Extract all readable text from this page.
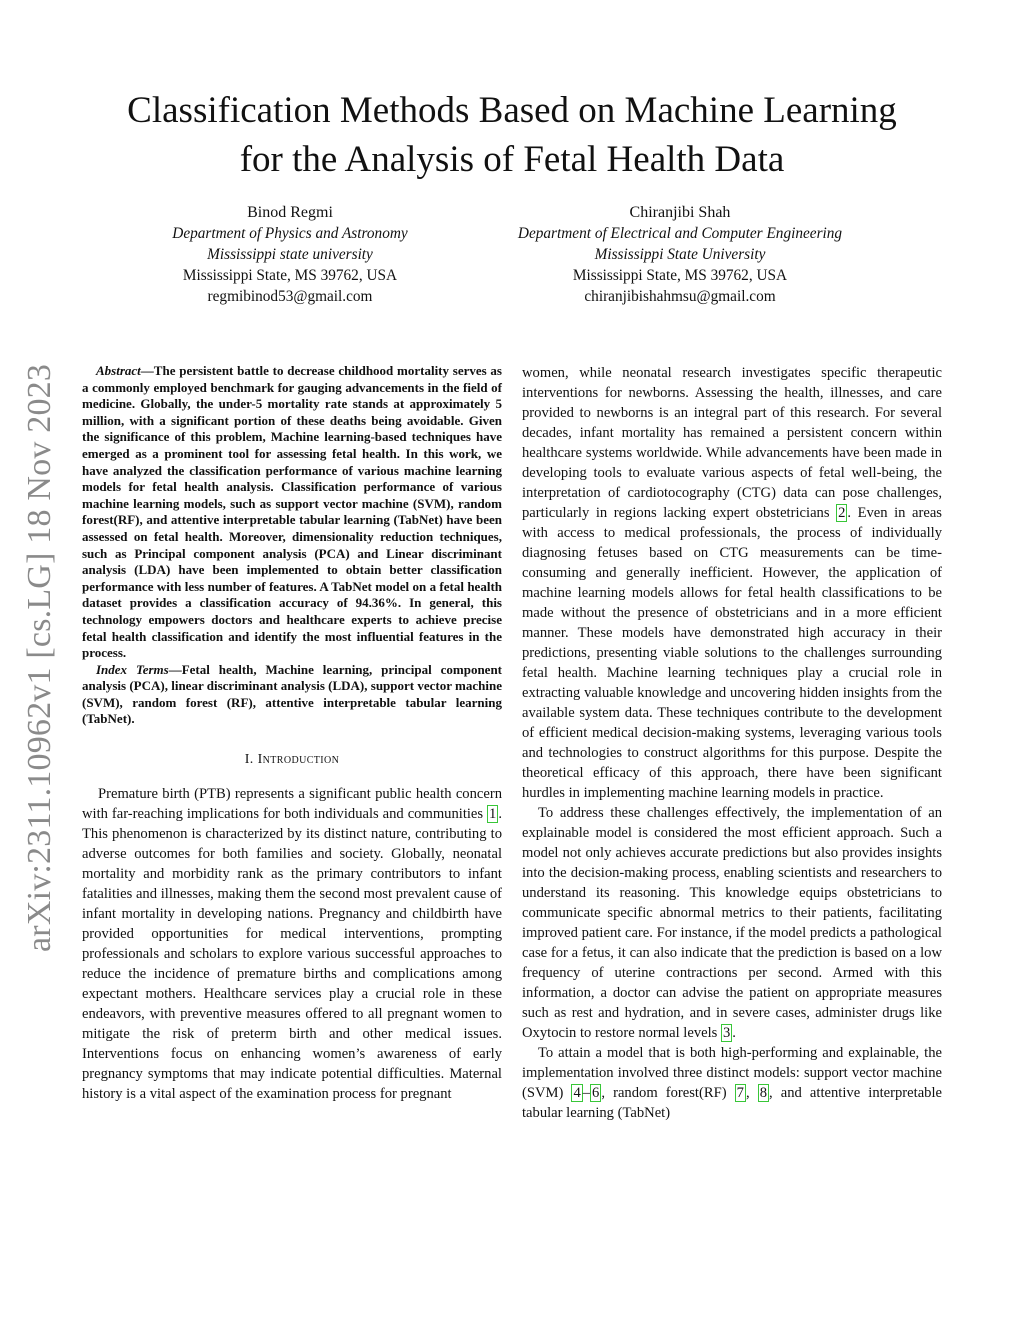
Classification Methods Based on Machine Learning
for the Analysis of Fetal Health Data
Binod Regmi
Department of Physics and Astronomy
Mississippi state university
Mississippi State, MS 39762, USA
regmibinod53@gmail.com
Chiranjibi Shah
Department of Electrical and Computer Engineering
Mississippi State University
Mississippi State, MS 39762, USA
chiranjibishahmsu@gmail.com
arXiv:2311.10962v1 [cs.LG] 18 Nov 2023	Abstract—The persistent battle to decrease childhood mortality serves as a commonly employed benchmark for gauging advancements in the field of medicine. Globally, the under-5 mortality rate stands at approximately 5 million, with a significant portion of these deaths being avoidable. Given the significance of this problem, Machine learning-based techniques have emerged as a prominent tool for assessing fetal health. In this work, we have analyzed the classification performance of various machine learning models for fetal health analysis. Classification performance of various machine learning models, such as support vector machine (SVM), random forest(RF), and attentive interpretable tabular learning (TabNet) have been assessed on fetal health. Moreover, dimensionality reduction techniques, such as Principal component analysis (PCA) and Linear discriminant analysis (LDA) have been implemented to obtain better classification performance with less number of features. A TabNet model on a fetal health dataset provides a classification accuracy of 94.36%. In general, this technology empowers doctors and healthcare experts to achieve precise fetal health classification and identify the most influential features in the process.

Index Terms—Fetal health, Machine learning, principal component analysis (PCA), linear discriminant analysis (LDA), support vector machine (SVM), random forest (RF), attentive interpretable tabular learning (TabNet).

I. Introduction

Premature birth (PTB) represents a significant public health concern with far-reaching implications for both individuals and communities 1 . This phenomenon is characterized by its distinct nature, contributing to adverse outcomes for both families and society. Globally, neonatal mortality and morbidity rank as the primary contributors to infant fatalities and illnesses, making them the second most prevalent cause of infant mortality in developing nations. Pregnancy and childbirth have provided opportunities for medical interventions, prompting professionals and scholars to explore various successful approaches to reduce the incidence of premature births and complications among expectant mothers. Healthcare services play a crucial role in these endeavors, with preventive measures offered to all pregnant women to mitigate the risk of preterm birth and other medical issues. Interventions focus on enhancing women’s awareness of early pregnancy symptoms that may indicate potential difficulties. Maternal history is a vital aspect of the examination process for pregnant

women, while neonatal research investigates specific therapeutic interventions for newborns. Assessing the health, illnesses, and care provided to newborns is an integral part of this research. For several decades, infant mortality has remained a persistent concern within healthcare systems worldwide. While advancements have been made in developing tools to evaluate various aspects of fetal well-being, the interpretation of cardiotocography (CTG) data can pose challenges, particularly in regions lacking expert obstetricians 2 . Even in areas with access to medical professionals, the process of individually diagnosing fetuses based on CTG measurements can be time-consuming and generally inefficient. However, the application of machine learning models allows for fetal health classifications to be made without the presence of obstetricians and in a more efficient manner. These models have demonstrated high accuracy in their predictions, presenting viable solutions to the challenges surrounding fetal health. Machine learning techniques play a crucial role in extracting valuable knowledge and uncovering hidden insights from the available system data. These techniques contribute to the development of efficient medical decision-making systems, leveraging various tools and technologies to construct algorithms for this purpose. Despite the theoretical efficacy of this approach, there have been significant hurdles in implementing machine learning models in practice.

To address these challenges effectively, the implementation of an explainable model is considered the most efficient approach. Such a model not only achieves accurate predictions but also provides insights into the decision-making process, enabling scientists and researchers to understand its reasoning. This knowledge equips obstetricians to communicate specific abnormal metrics to their patients, facilitating improved patient care. For instance, if the model predicts a pathological case for a fetus, it can also indicate that the prediction is based on a low frequency of uterine contractions per second. Armed with this information, a doctor can advise the patient on appropriate measures such as rest and hydration, and in severe cases, administer drugs like Oxytocin to restore normal levels 3 .

To attain a model that is both high-performing and explainable, the implementation involved three distinct models: support vector machine (SVM) 4 – 6 , random forest(RF) 7 , 8 , and attentive interpretable tabular learning (TabNet)
